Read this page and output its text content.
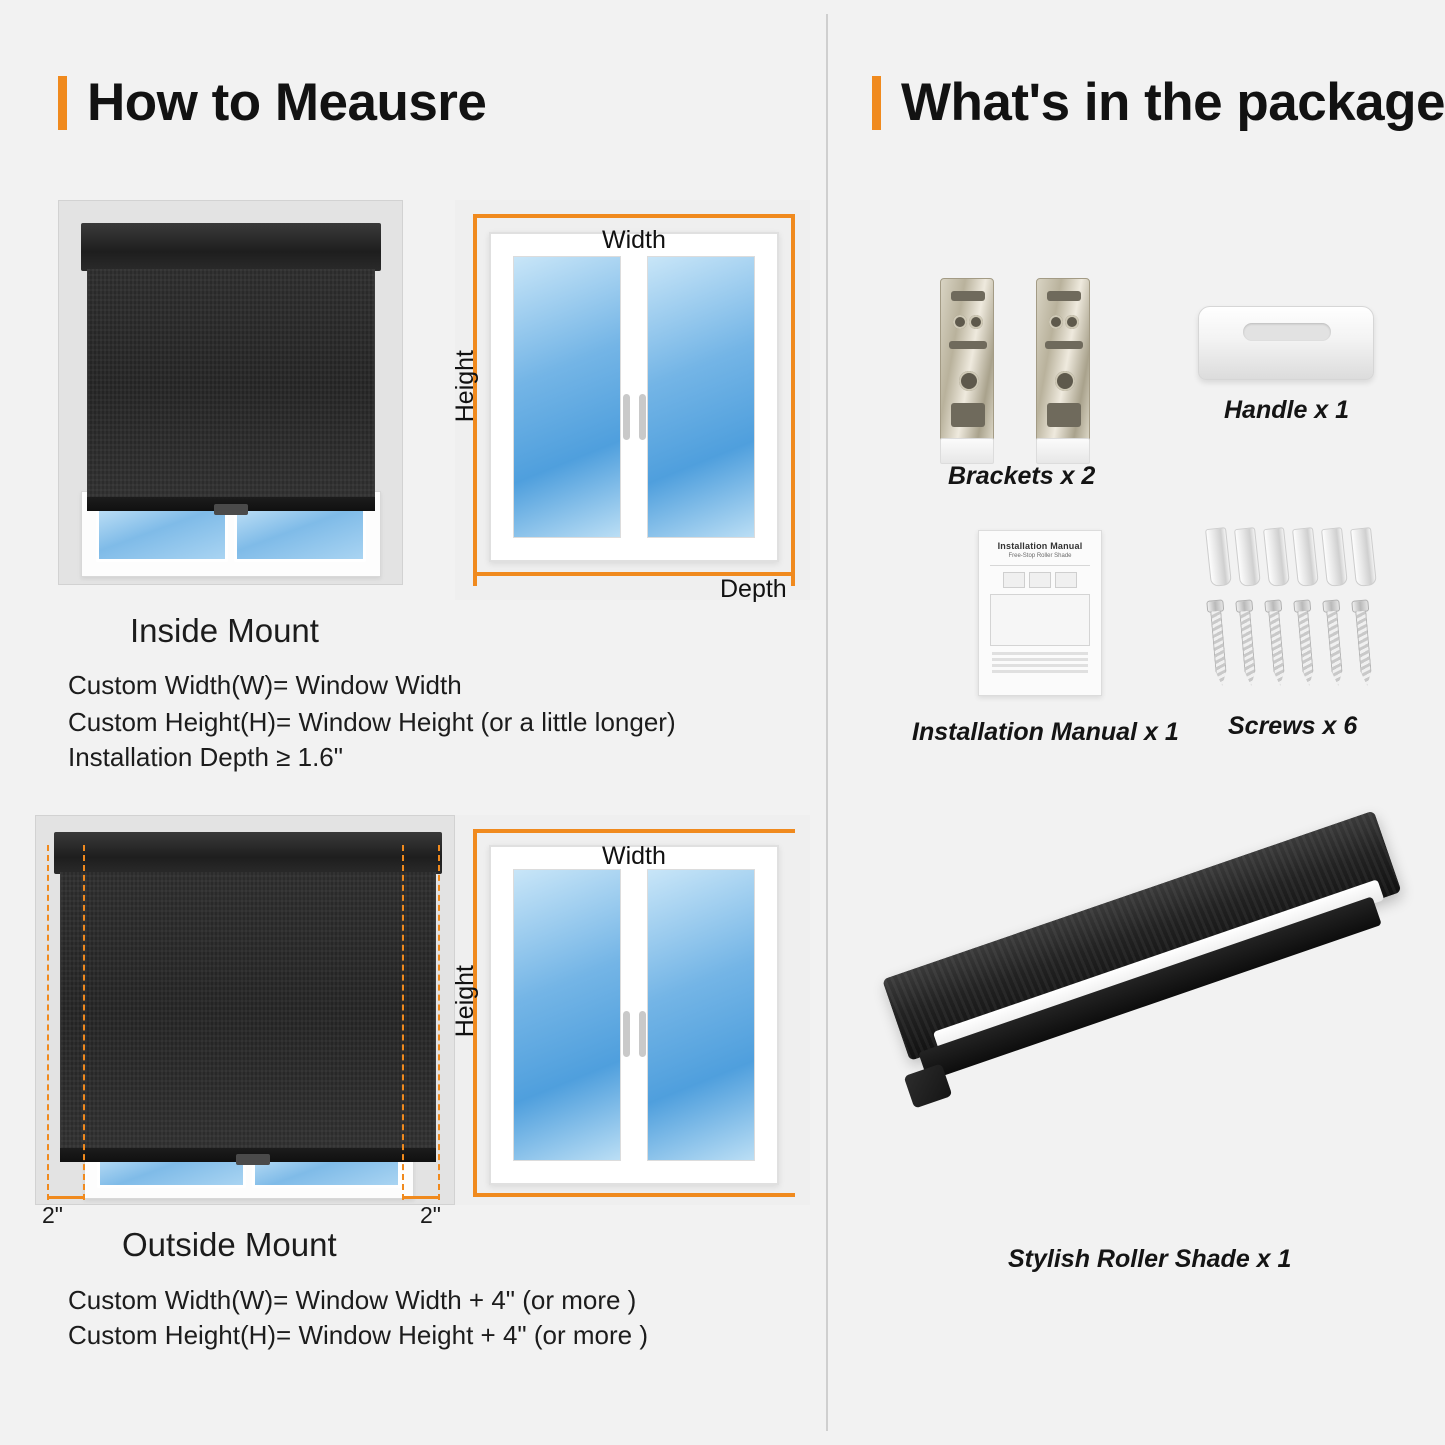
How to Meausre	What's in the package
Width
Height
Depth
Inside Mount
Custom Width(W)= Window Width
Custom Height(H)= Window Height (or a little longer)
Installation Depth ≥ 1.6"
2"	2"
Width
Height
Outside Mount
Custom Width(W)= Window Width + 4" (or more )
Custom Height(H)= Window Height + 4" (or more )
Brackets x 2
Handle x 1
Installation Manual
Free-Stop Roller Shade
Installation Manual x 1 Screws x 6
Stylish Roller Shade x 1
